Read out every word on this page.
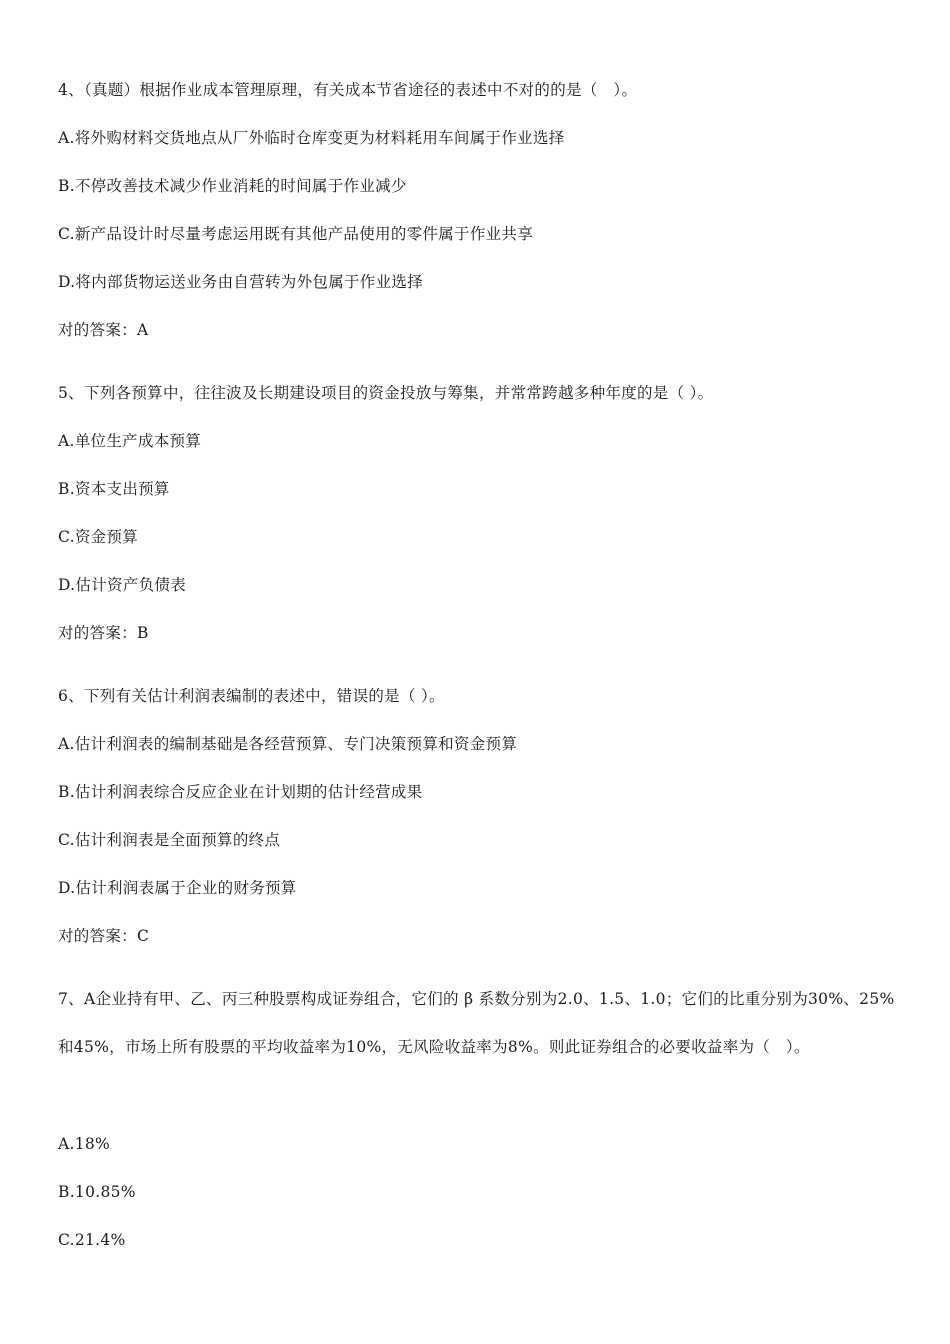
4、（真题）根据作业成本管理原理，有关成本节省途径的表述中不对的的是（　）。
A.将外购材料交货地点从厂外临时仓库变更为材料耗用车间属于作业选择
B.不停改善技术减少作业消耗的时间属于作业减少
C.新产品设计时尽量考虑运用既有其他产品使用的零件属于作业共享
D.将内部货物运送业务由自营转为外包属于作业选择
对的答案：A
5、下列各预算中，往往波及长期建设项目的资金投放与筹集，并常常跨越多种年度的是（ ）。
A.单位生产成本预算
B.资本支出预算
C.资金预算
D.估计资产负债表
对的答案：B
6、下列有关估计利润表编制的表述中，错误的是（ ）。
A.估计利润表的编制基础是各经营预算、专门决策预算和资金预算
B.估计利润表综合反应企业在计划期的估计经营成果
C.估计利润表是全面预算的终点
D.估计利润表属于企业的财务预算
对的答案：C
7、A企业持有甲、乙、丙三种股票构成证券组合，它们的 β 系数分别为2.0、1.5、1.0；它们的比重分别为30%、25%和45%，市场上所有股票的平均收益率为10%，无风险收益率为8%。则此证券组合的必要收益率为（　）。
A.18%
B.10.85%
C.21.4%
